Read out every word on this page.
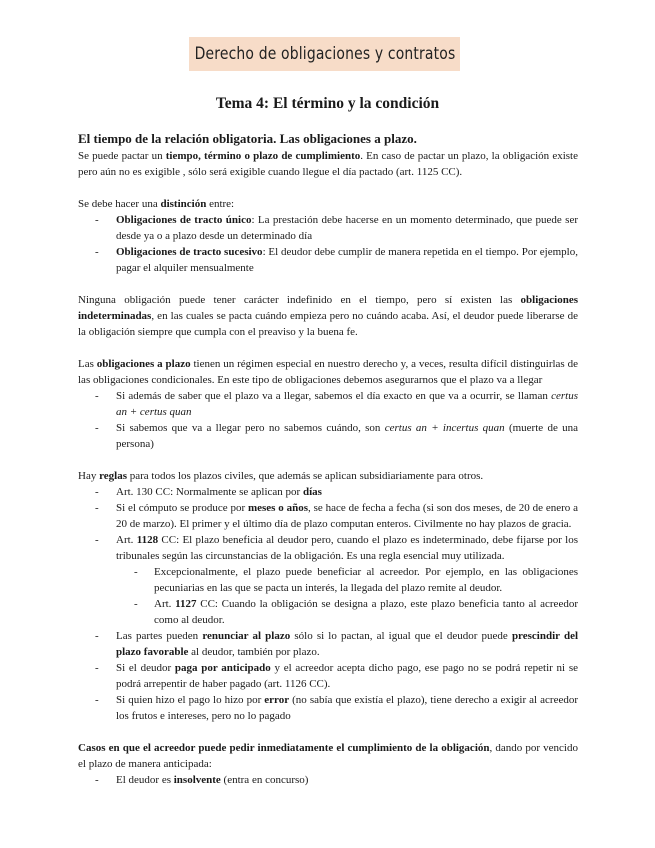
Derecho de obligaciones y contratos
Tema 4: El término y la condición

El tiempo de la relación obligatoria. Las obligaciones a plazo.

Se puede pactar un tiempo, término o plazo de cumplimiento. En caso de pactar un plazo, la obligación existe pero aún no es exigible , sólo será exigible cuando llegue el día pactado (art. 1125 CC).

Se debe hacer una distinción entre:

- Obligaciones de tracto único: La prestación debe hacerse en un momento determinado, que puede ser desde ya o a plazo desde un determinado día
- Obligaciones de tracto sucesivo: El deudor debe cumplir de manera repetida en el tiempo. Por ejemplo, pagar el alquiler mensualmente

Ninguna obligación puede tener carácter indefinido en el tiempo, pero sí existen las obligaciones indeterminadas, en las cuales se pacta cuándo empieza pero no cuándo acaba. Así, el deudor puede liberarse de la obligación siempre que cumpla con el preaviso y la buena fe.

Las obligaciones a plazo tienen un régimen especial en nuestro derecho y, a veces, resulta difícil distinguirlas de las obligaciones condicionales. En este tipo de obligaciones debemos asegurarnos que el plazo va a llegar

- Si además de saber que el plazo va a llegar, sabemos el día exacto en que va a ocurrir, se llaman certus an + certus quan
- Si sabemos que va a llegar pero no sabemos cuándo, son certus an + incertus quan (muerte de una persona)

Hay reglas para todos los plazos civiles, que además se aplican subsidiariamente para otros.

- Art. 130 CC: Normalmente se aplican por días
- Si el cómputo se produce por meses o años, se hace de fecha a fecha (si son dos meses, de 20 de enero a 20 de marzo). El primer y el último día de plazo computan enteros. Civilmente no hay plazos de gracia.
- Art. 1128 CC: El plazo beneficia al deudor pero, cuando el plazo es indeterminado, debe fijarse por los tribunales según las circunstancias de la obligación. Es una regla esencial muy utilizada.
- Excepcionalmente, el plazo puede beneficiar al acreedor. Por ejemplo, en las obligaciones pecuniarias en las que se pacta un interés, la llegada del plazo remite al deudor.
- Art. 1127 CC: Cuando la obligación se designa a plazo, este plazo beneficia tanto al acreedor como al deudor.
- Las partes pueden renunciar al plazo sólo si lo pactan, al igual que el deudor puede prescindir del plazo favorable al deudor, también por plazo.
- Si el deudor paga por anticipado y el acreedor acepta dicho pago, ese pago no se podrá repetir ni se podrá arrepentir de haber pagado (art. 1126 CC).
- Si quien hizo el pago lo hizo por error (no sabía que existía el plazo), tiene derecho a exigir al acreedor los frutos e intereses, pero no lo pagado

Casos en que el acreedor puede pedir inmediatamente el cumplimiento de la obligación, dando por vencido el plazo de manera anticipada:

- El deudor es insolvente (entra en concurso)
